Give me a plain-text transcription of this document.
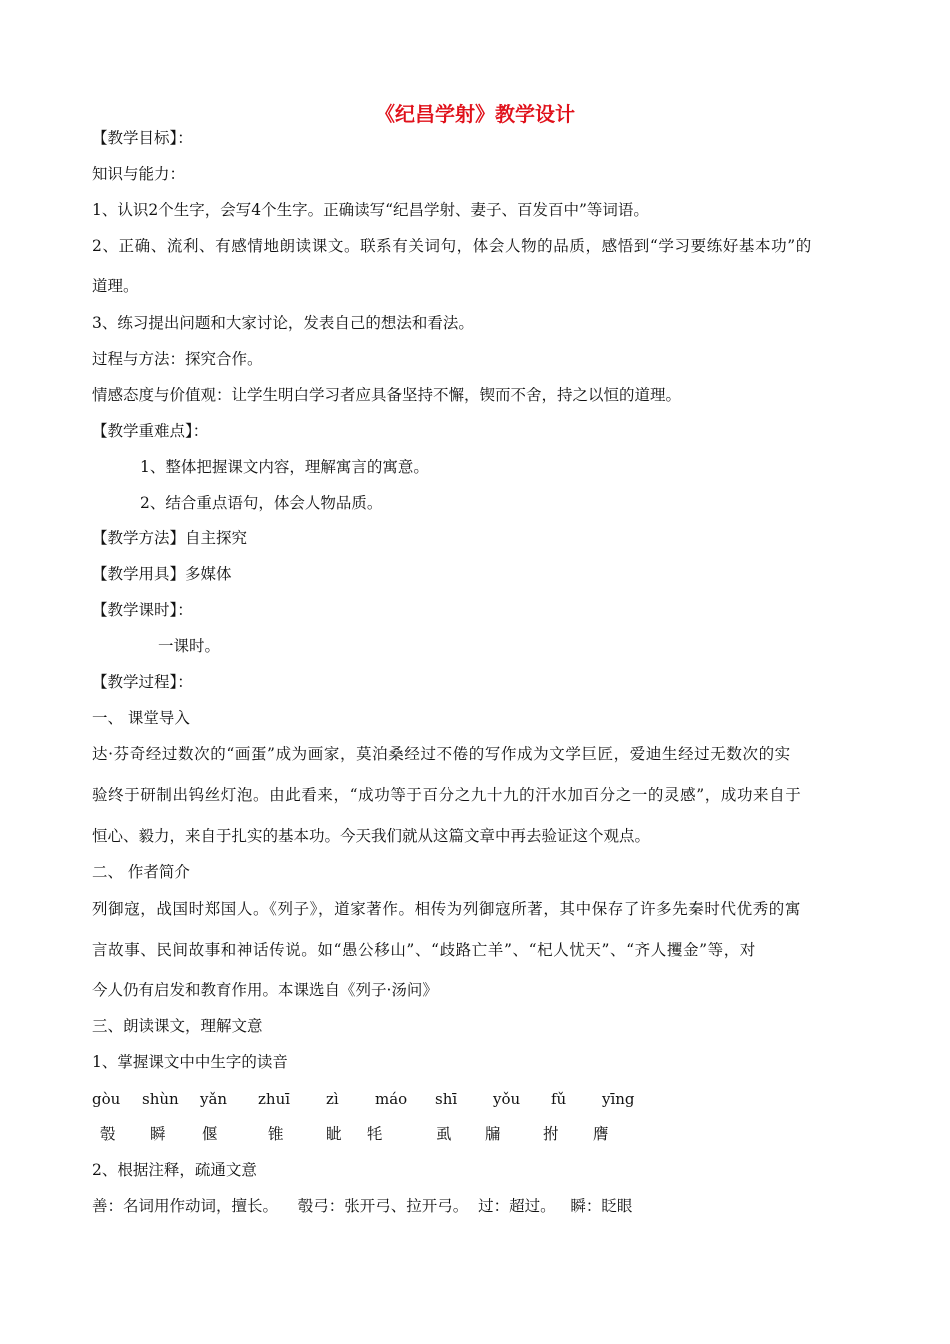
《纪昌学射》教学设计
【教学目标】：
知识与能力：
1、认识2个生字，会写4个生字。正确读写“纪昌学射、妻子、百发百中”等词语。
2、正确、流利、有感情地朗读课文。联系有关词句，体会人物的品质，感悟到“学习要练好基本功”的
道理。
3、练习提出问题和大家讨论，发表自己的想法和看法。
过程与方法：探究合作。
情感态度与价值观：让学生明白学习者应具备坚持不懈，锲而不舍，持之以恒的道理。
【教学重难点】：
1、整体把握课文内容，理解寓言的寓意。
2、结合重点语句，体会人物品质。
【教学方法】自主探究
【教学用具】多媒体
【教学课时】：
一课时。
【教学过程】：
一、 课堂导入
达·芬奇经过数次的“画蛋”成为画家，莫泊桑经过不倦的写作成为文学巨匠，爱迪生经过无数次的实
验终于研制出钨丝灯泡。由此看来，“成功等于百分之九十九的汗水加百分之一的灵感”，成功来自于
恒心、毅力，来自于扎实的基本功。今天我们就从这篇文章中再去验证这个观点。
二、 作者简介
列御寇，战国时郑国人。《列子》，道家著作。相传为列御寇所著，其中保存了许多先秦时代优秀的寓
言故事、民间故事和神话传说。如“愚公移山”、“歧路亡羊”、“杞人忧天”、“齐人攫金”等，对
今人仍有启发和教育作用。本课选自《列子·汤问》
三、朗读课文，理解文意
1、掌握课文中中生字的读音
gòu shùn yǎn zhuī zì máo shī yǒu fǔ yīng
彀 瞬 偃	锥	眦 牦	虱 牖	拊 膺
2、根据注释，疏通文意
善：名词用作动词，擅长。    彀弓：张开弓、拉开弓。  过：超过。   瞬：眨眼
